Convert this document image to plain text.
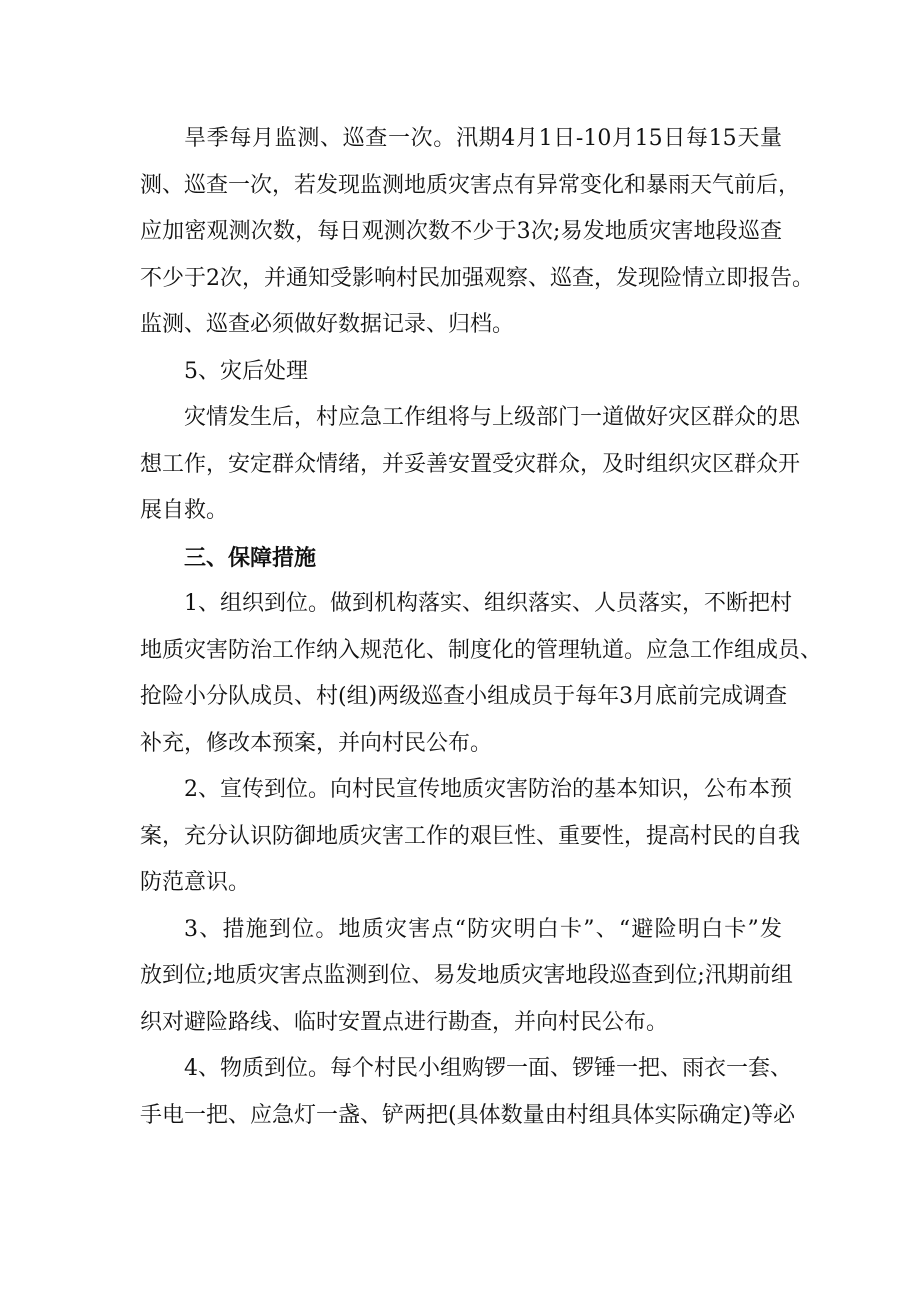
旱季每月监测、巡查一次。汛期4月1日-10月15日每15天量
测、巡查一次，若发现监测地质灾害点有异常变化和暴雨天气前后，
应加密观测次数，每日观测次数不少于3次;易发地质灾害地段巡查
不少于2次，并通知受影响村民加强观察、巡查，发现险情立即报告。
监测、巡查必须做好数据记录、归档。

5、灾后处理

灾情发生后，村应急工作组将与上级部门一道做好灾区群众的思
想工作，安定群众情绪，并妥善安置受灾群众，及时组织灾区群众开
展自救。

三、保障措施

1、组织到位。做到机构落实、组织落实、人员落实，不断把村
地质灾害防治工作纳入规范化、制度化的管理轨道。应急工作组成员、
抢险小分队成员、村(组)两级巡查小组成员于每年3月底前完成调查
补充，修改本预案，并向村民公布。

2、宣传到位。向村民宣传地质灾害防治的基本知识，公布本预
案，充分认识防御地质灾害工作的艰巨性、重要性，提高村民的自我
防范意识。

3、措施到位。地质灾害点“防灾明白卡”、“避险明白卡”发
放到位;地质灾害点监测到位、易发地质灾害地段巡查到位;汛期前组
织对避险路线、临时安置点进行勘查，并向村民公布。

4、物质到位。每个村民小组购锣一面、锣锤一把、雨衣一套、
手电一把、应急灯一盏、铲两把(具体数量由村组具体实际确定)等必
